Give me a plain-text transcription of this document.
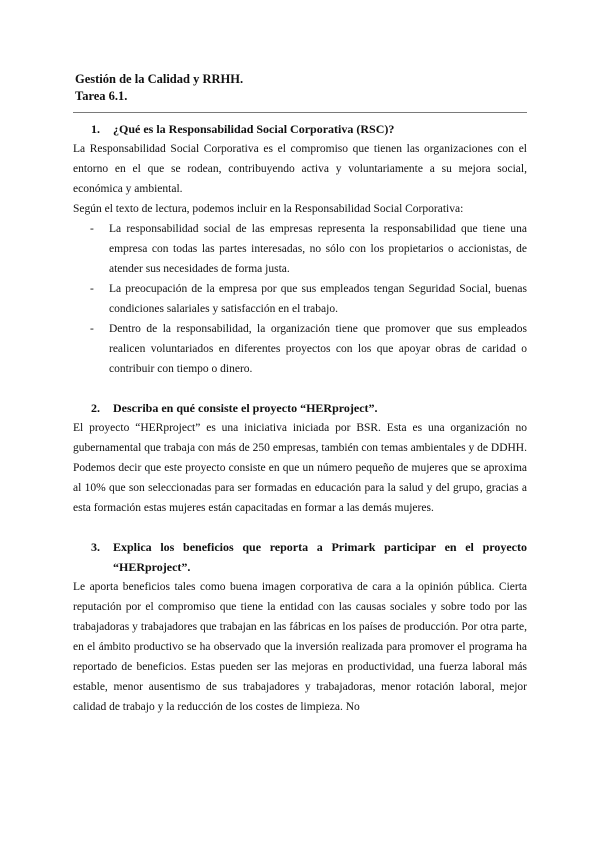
Gestión de la Calidad y RRHH.
Tarea 6.1.
1.	¿Qué es la Responsabilidad Social Corporativa (RSC)?

La Responsabilidad Social Corporativa es el compromiso que tienen las organizaciones con el entorno en el que se rodean, contribuyendo activa y voluntariamente a su mejora social, económica y ambiental.

Según el texto de lectura, podemos incluir en la Responsabilidad Social Corporativa:

-	La responsabilidad social de las empresas representa la responsabilidad que tiene una empresa con todas las partes interesadas, no sólo con los propietarios o accionistas, de atender sus necesidades de forma justa.
-	La preocupación de la empresa por que sus empleados tengan Seguridad Social, buenas condiciones salariales y satisfacción en el trabajo.
-	Dentro de la responsabilidad, la organización tiene que promover que sus empleados realicen voluntariados en diferentes proyectos con los que apoyar obras de caridad o contribuir con tiempo o dinero.
2.	Describa en qué consiste el proyecto “HERproject”.

El proyecto “HERproject” es una iniciativa iniciada por BSR. Esta es una organización no gubernamental que trabaja con más de 250 empresas, también con temas ambientales y de DDHH. Podemos decir que este proyecto consiste en que un número pequeño de mujeres que se aproxima al 10% que son seleccionadas para ser formadas en educación para la salud y del grupo, gracias a esta formación estas mujeres están capacitadas en formar a las demás mujeres.

3.	Explica los beneficios que reporta a Primark participar en el proyecto “HERproject”.

Le aporta beneficios tales como buena imagen corporativa de cara a la opinión pública. Cierta reputación por el compromiso que tiene la entidad con las causas sociales y sobre todo por las trabajadoras y trabajadores que trabajan en las fábricas en los países de producción. Por otra parte, en el ámbito productivo se ha observado que la inversión realizada para promover el programa ha reportado de beneficios. Estas pueden ser las mejoras en productividad, una fuerza laboral más estable, menor ausentismo de sus trabajadores y trabajadoras, menor rotación laboral, mejor calidad de trabajo y la reducción de los costes de limpieza. No
